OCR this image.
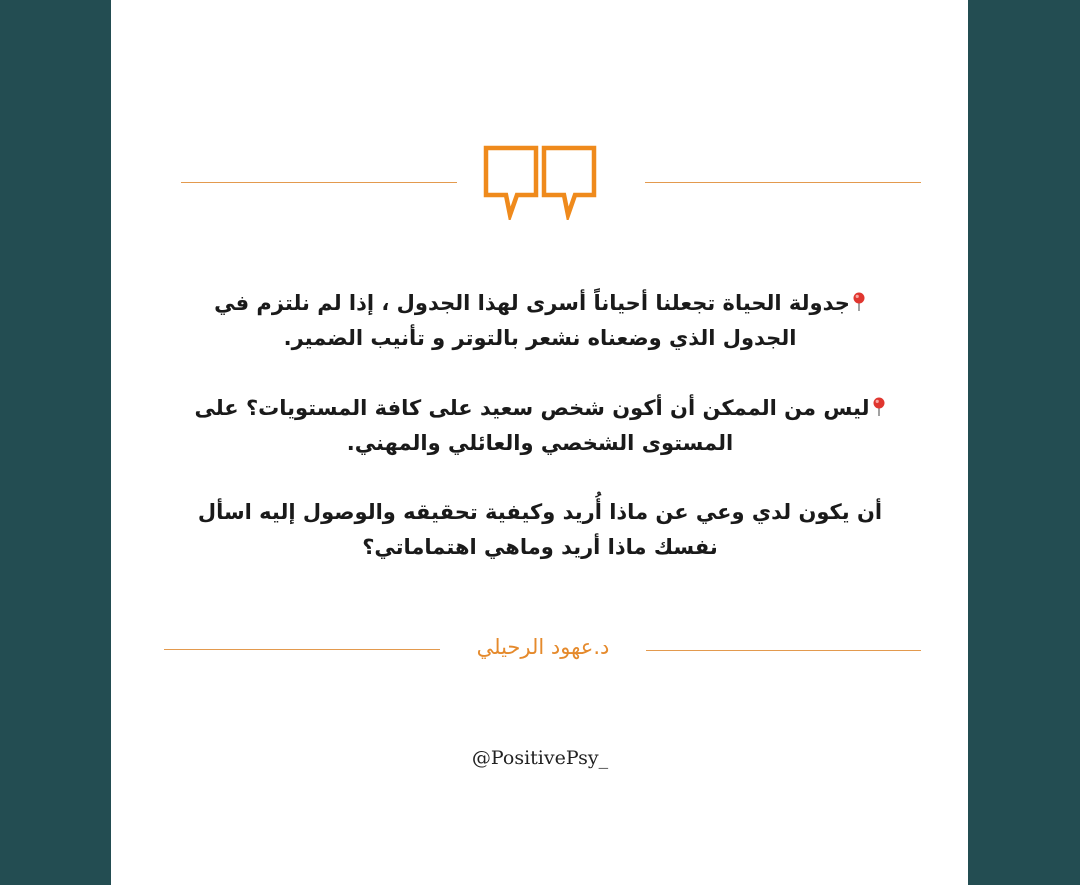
جدولة الحياة تجعلنا أحياناً أسرى لهذا الجدول ، إذا لم نلتزم في
الجدول الذي وضعناه نشعر بالتوتر و تأنيب الضمير.
ليس من الممكن أن أكون شخص سعيد على كافة المستويات؟ على
المستوى الشخصي والعائلي والمهني.
أن يكون لدي وعي عن ماذا أُريد وكيفية تحقيقه والوصول إليه اسأل
نفسك ماذا أريد وماهي اهتماماتي؟
د.عهود الرحيلي
@PositivePsy_
